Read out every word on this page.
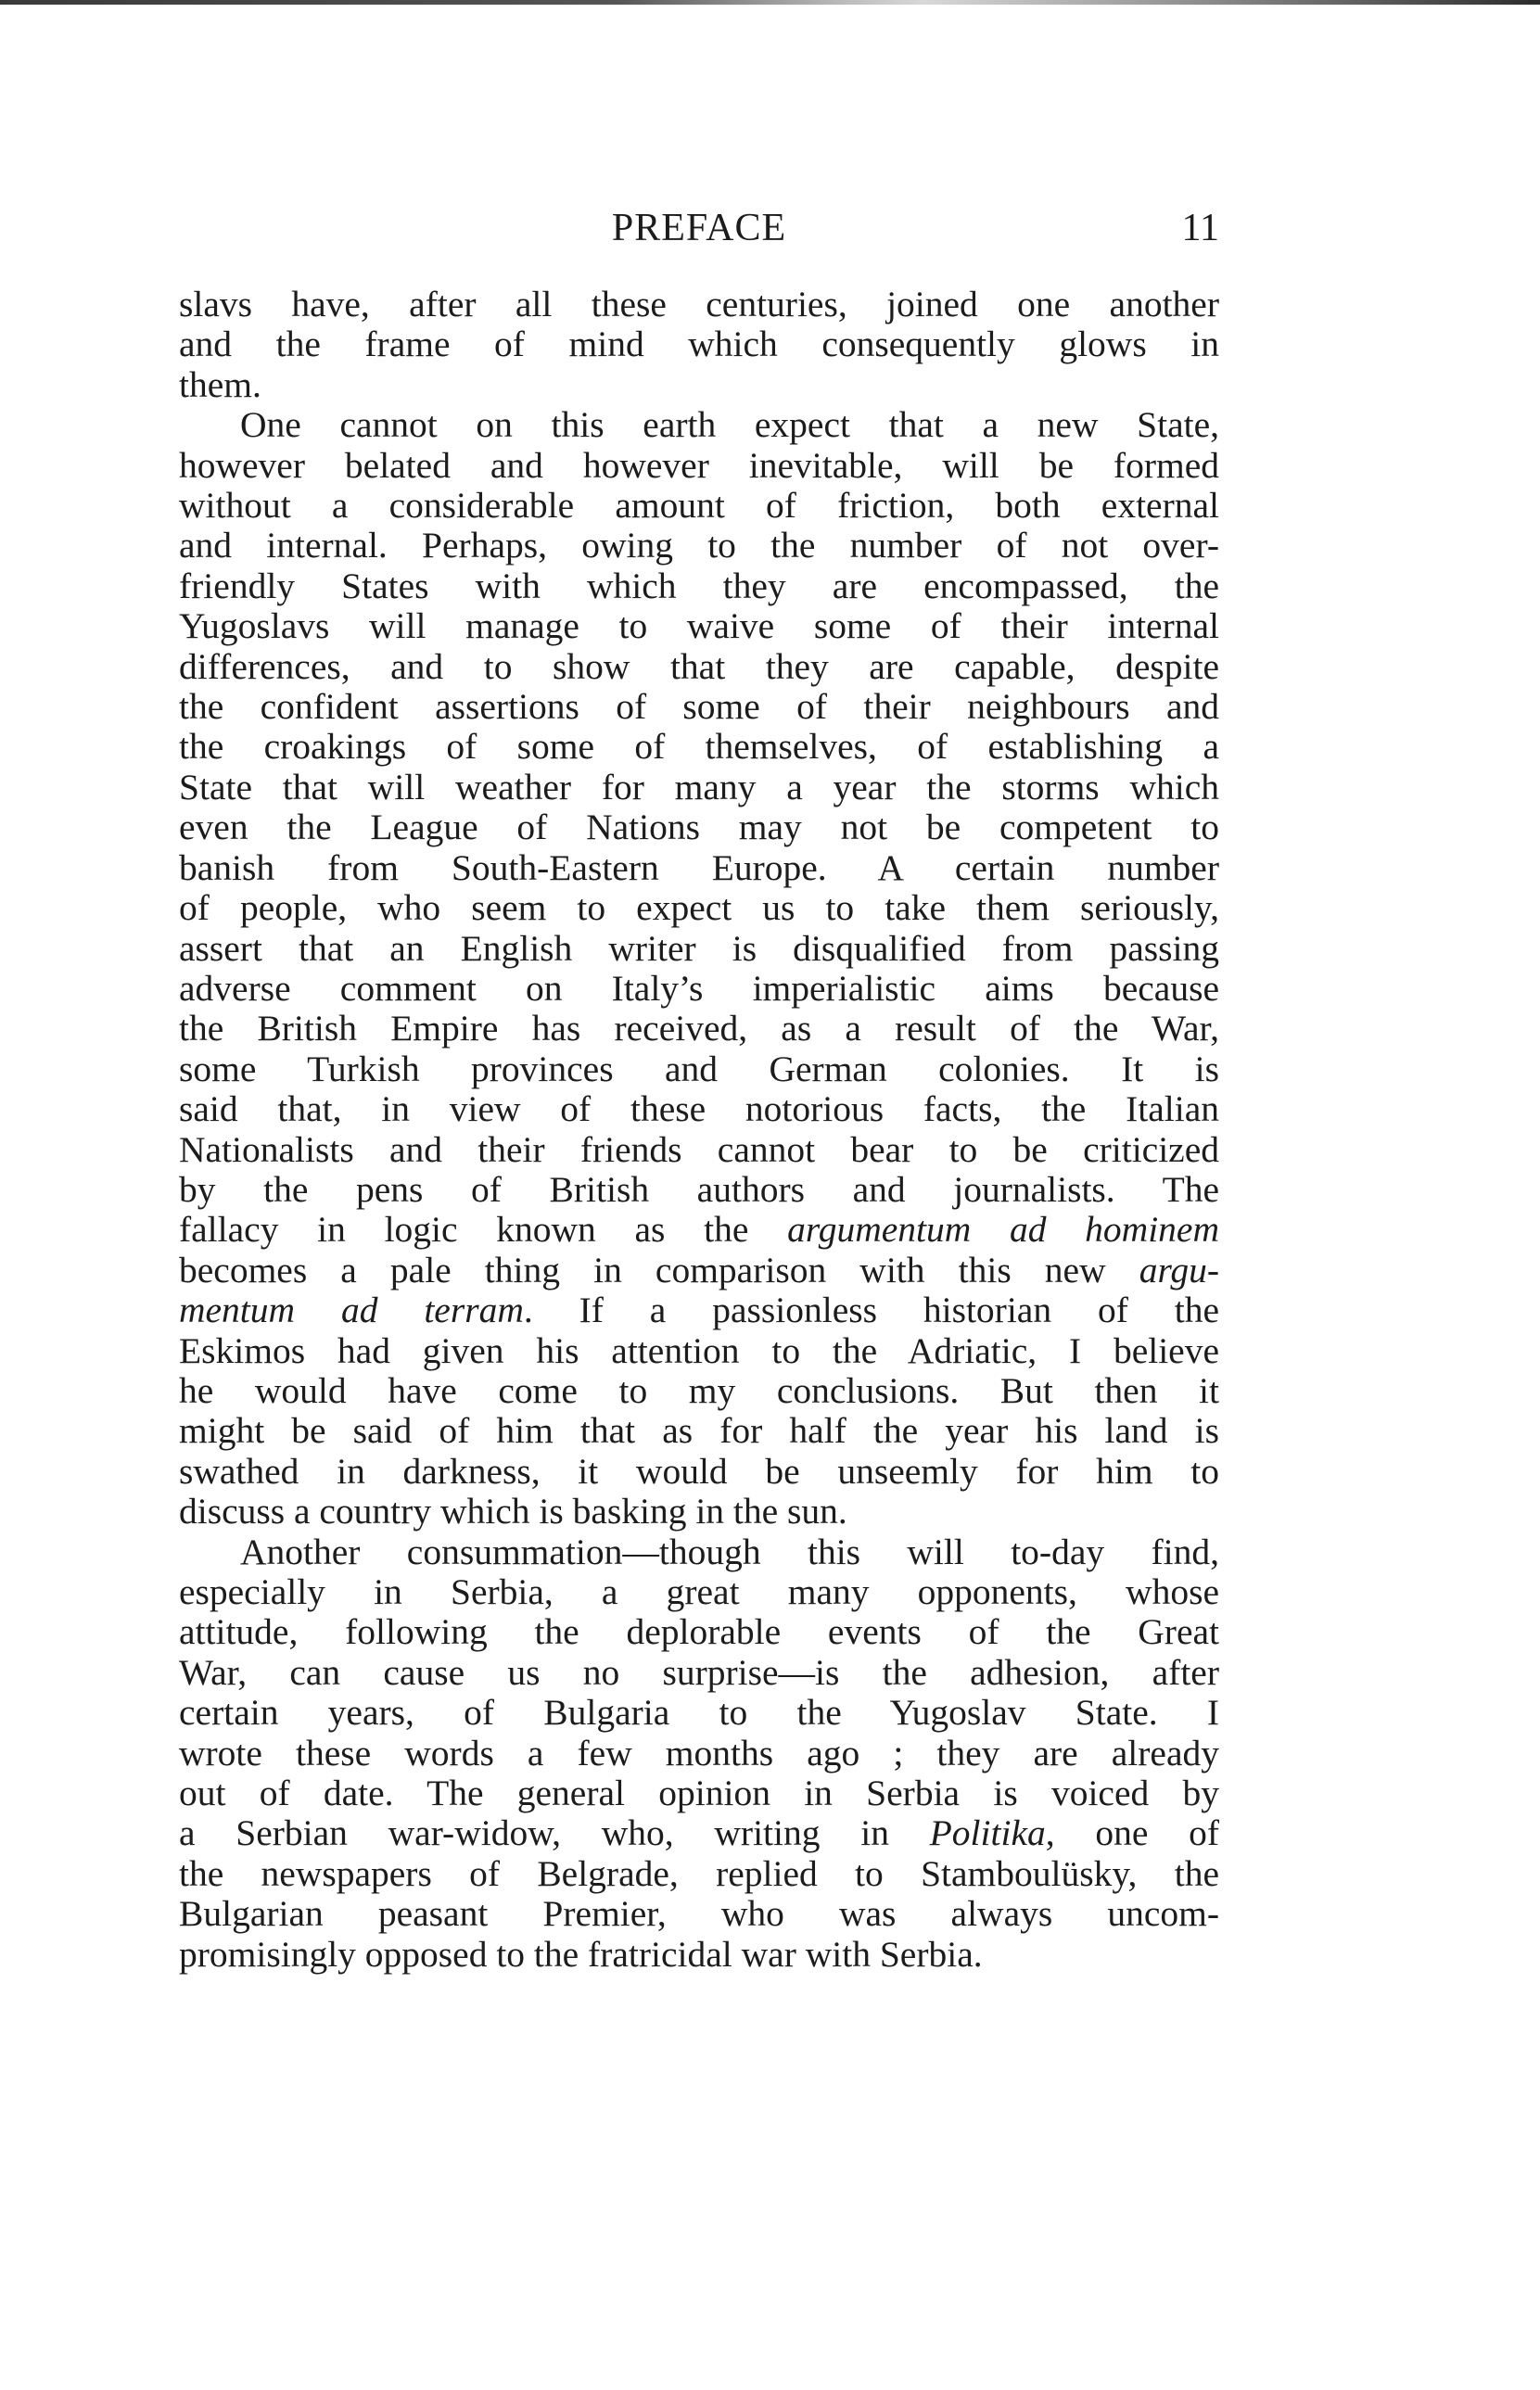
PREFACE	11

slavs have, after all these centuries, joined one another
and the frame of mind which consequently glows in
them.

One cannot on this earth expect that a new State,
however belated and however inevitable, will be formed
without a considerable amount of friction, both external
and internal. Perhaps, owing to the number of not over-
friendly States with which they are encompassed, the
Yugoslavs will manage to waive some of their internal
differences, and to show that they are capable, despite
the confident assertions of some of their neighbours and
the croakings of some of themselves, of establishing a
State that will weather for many a year the storms which
even the League of Nations may not be competent to
banish from South-Eastern Europe. A certain number
of people, who seem to expect us to take them seriously,
assert that an English writer is disqualified from passing
adverse comment on Italy’s imperialistic aims because
the British Empire has received, as a result of the War,
some Turkish provinces and German colonies. It is
said that, in view of these notorious facts, the Italian
Nationalists and their friends cannot bear to be criticized
by the pens of British authors and journalists. The
fallacy in logic known as the argumentum ad hominem
becomes a pale thing in comparison with this new argu-
mentum ad terram. If a passionless historian of the
Eskimos had given his attention to the Adriatic, I believe
he would have come to my conclusions. But then it
might be said of him that as for half the year his land is
swathed in darkness, it would be unseemly for him to
discuss a country which is basking in the sun.

Another consummation—though this will to-day find,
especially in Serbia, a great many opponents, whose
attitude, following the deplorable events of the Great
War, can cause us no surprise—is the adhesion, after
certain years, of Bulgaria to the Yugoslav State. I
wrote these words a few months ago ; they are already
out of date. The general opinion in Serbia is voiced by
a Serbian war-widow, who, writing in Politika, one of
the newspapers of Belgrade, replied to Stamboulüsky, the
Bulgarian peasant Premier, who was always uncom-
promisingly opposed to the fratricidal war with Serbia.
